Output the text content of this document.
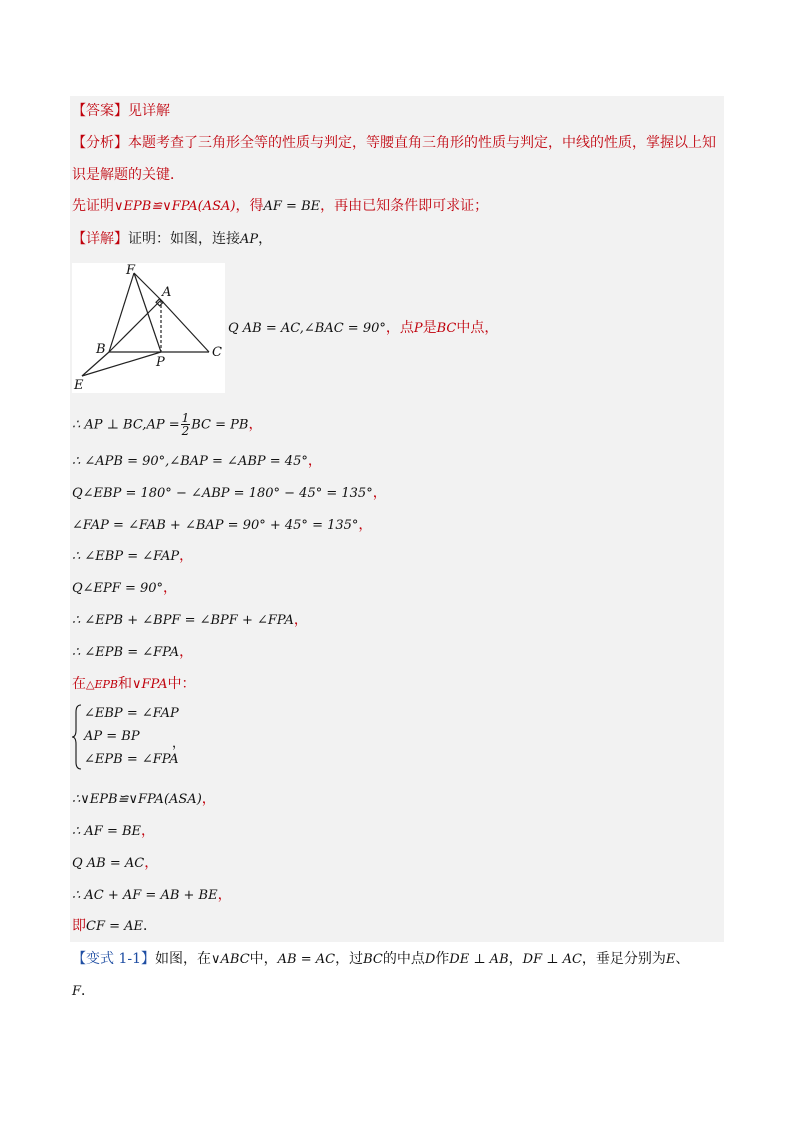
【答案】见详解
【分析】本题考查了三角形全等的性质与判定，等腰直角三角形的性质与判定，中线的性质，掌握以上知
识是解题的关键．
先证明∨EPB≌∨FPA(ASA)，得AF = BE，再由已知条件即可求证；
【详解】证明：如图，连接AP，
F
A
B
P
C
E
Q AB = AC,∠BAC = 90°，点P是BC中点，
∴ AP ⊥ $BC,AP = \frac{1}{2}$ BC = PB，
∴ ∠APB = 90°,∠BAP = ∠ABP = 45°，
Q∠EBP = 180° − ∠ABP = 180° − 45° = 135°，
∠FAP = ∠FAB + ∠BAP = 90° + 45° = 135°，
∴ ∠EBP = ∠FAP，
Q∠EPF = 90°，
∴ ∠EPB + ∠BPF = ∠BPF + ∠FPA，
∴ ∠EPB = ∠FPA，
在△EPB和∨FPA中：
∠EBP = ∠FAP
AP = BP
∠EPB = ∠FPA
，
∴∨EPB≌∨FPA(ASA)，
∴ AF = BE，
Q AB = AC，
∴ AC + AF = AB + BE，
即CF = AE．
【变式 1-1】如图，在∨ABC中，AB = AC，过BC的中点D作DE ⊥ AB，DF ⊥ AC，垂足分别为E、
F．
